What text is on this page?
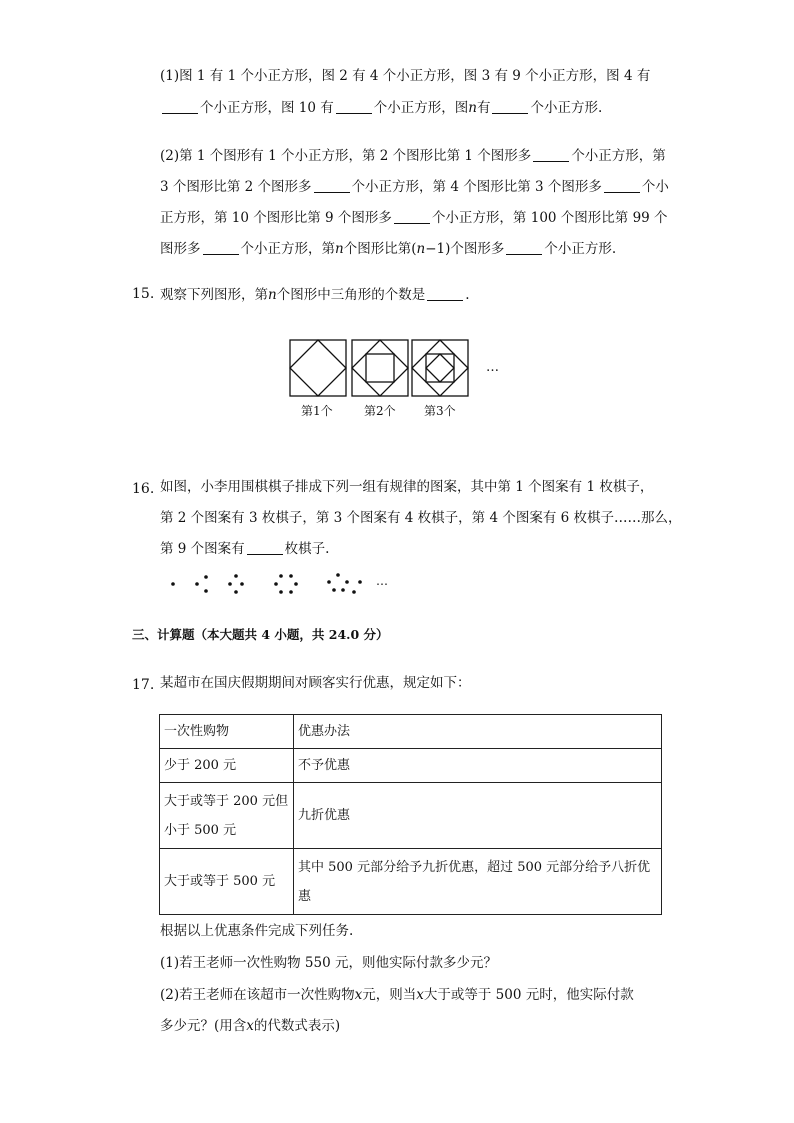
(1)图 1 有 1 个小正方形，图 2 有 4 个小正方形，图 3 有 9 个小正方形，图 4 有
个小正方形，图 10 有	个小正方形，图n有	个小正方形.
(2)第 1 个图形有 1 个小正方形，第 2 个图形比第 1 个图形多	个小正方形，第
3 个图形比第 2 个图形多	个小正方形，第 4 个图形比第 3 个图形多	个小
正方形，第 10 个图形比第 9 个图形多	个小正方形，第 100 个图形比第 99 个
图形多	个小正方形，第n个图形比第(n−1)个图形多	个小正方形.
15. 观察下列图形，第n个图形中三角形的个数是	.
…
第1个	第2个 第3个
16. 如图，小李用围棋棋子排成下列一组有规律的图案，其中第 1 个图案有 1 枚棋子，
第 2 个图案有 3 枚棋子，第 3 个图案有 4 枚棋子，第 4 个图案有 6 枚棋子……那么，
第 9 个图案有	枚棋子.
…
三、计算题（本大题共 4 小题，共 24.0 分）
17. 某超市在国庆假期期间对顾客实行优惠，规定如下：
一次性购物	优惠办法
少于 200 元	不予优惠
大于或等于 200 元但小于 500 元	九折优惠
大于或等于 500 元	其中 500 元部分给予九折优惠，超过 500 元部分给予八折优惠
根据以上优惠条件完成下列任务.
(1)若王老师一次性购物 550 元，则他实际付款多少元？
(2)若王老师在该超市一次性购物x元，则当x大于或等于 500 元时，他实际付款
多少元？(用含x的代数式表示)
